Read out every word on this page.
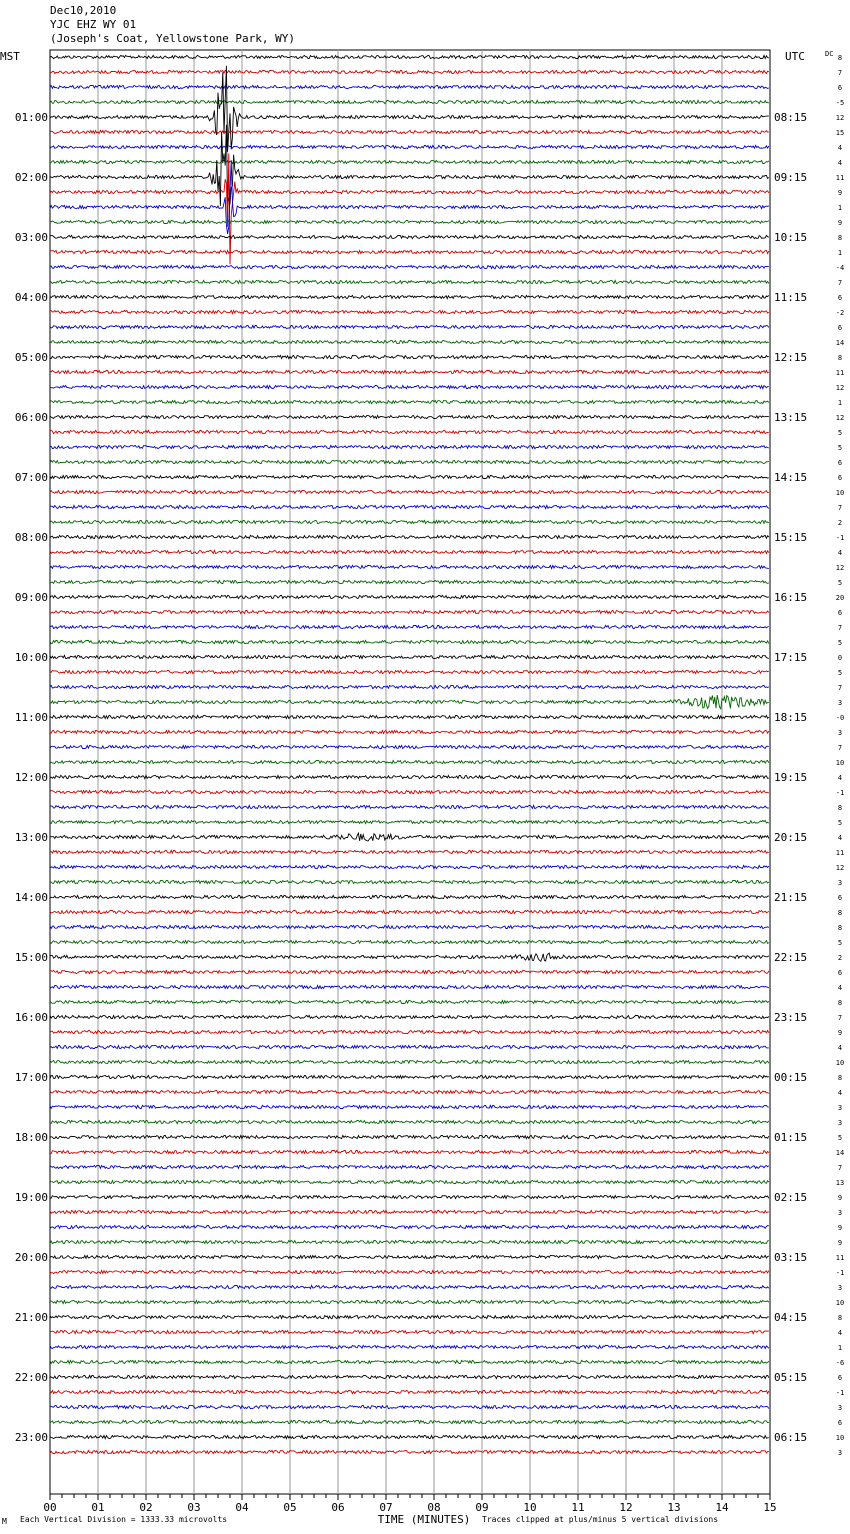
8
7
6
-5
12
15
4
4
11
9
1
9
8
1
-4
7
6
-2
6
14
8
11
12
1
12
5
5
6
6
10
7
2
-1
4
12
5
20
6
7
5
0
5
7
3
-0
3
7
10
4
-1
8
5
4
11
12
3
6
8
8
5
2
6
4
8
7
9
4
10
8
4
3
3
5
14
7
13
9
3
9
9
11
-1
3
10
8
4
1
-6
6
-1
3
6
10
3
01:00
02:00
03:00
04:00
05:00
06:00
07:00
08:00
09:00
10:00
11:00
12:00
13:00
14:00
15:00
16:00
17:00
18:00
19:00
20:00
21:00
22:00
23:00
08:15
09:15
10:15
11:15
12:15
13:15
14:15
15:15
16:15
17:15
18:15
19:15
20:15
21:15
22:15
23:15
00:15
01:15
02:15
03:15
04:15
05:15
06:15
MST	UTC	DC
00	01	02	03	04	05	06	07	08	09	10	11	12	13	14	15
TIME (MINUTES)
Dec10,2010
YJC EHZ WY 01
(Joseph's Coat, Yellowstone Park, WY)
M Each Vertical Division = 1333.33 microvolts	Traces clipped at plus/minus 5 vertical divisions
